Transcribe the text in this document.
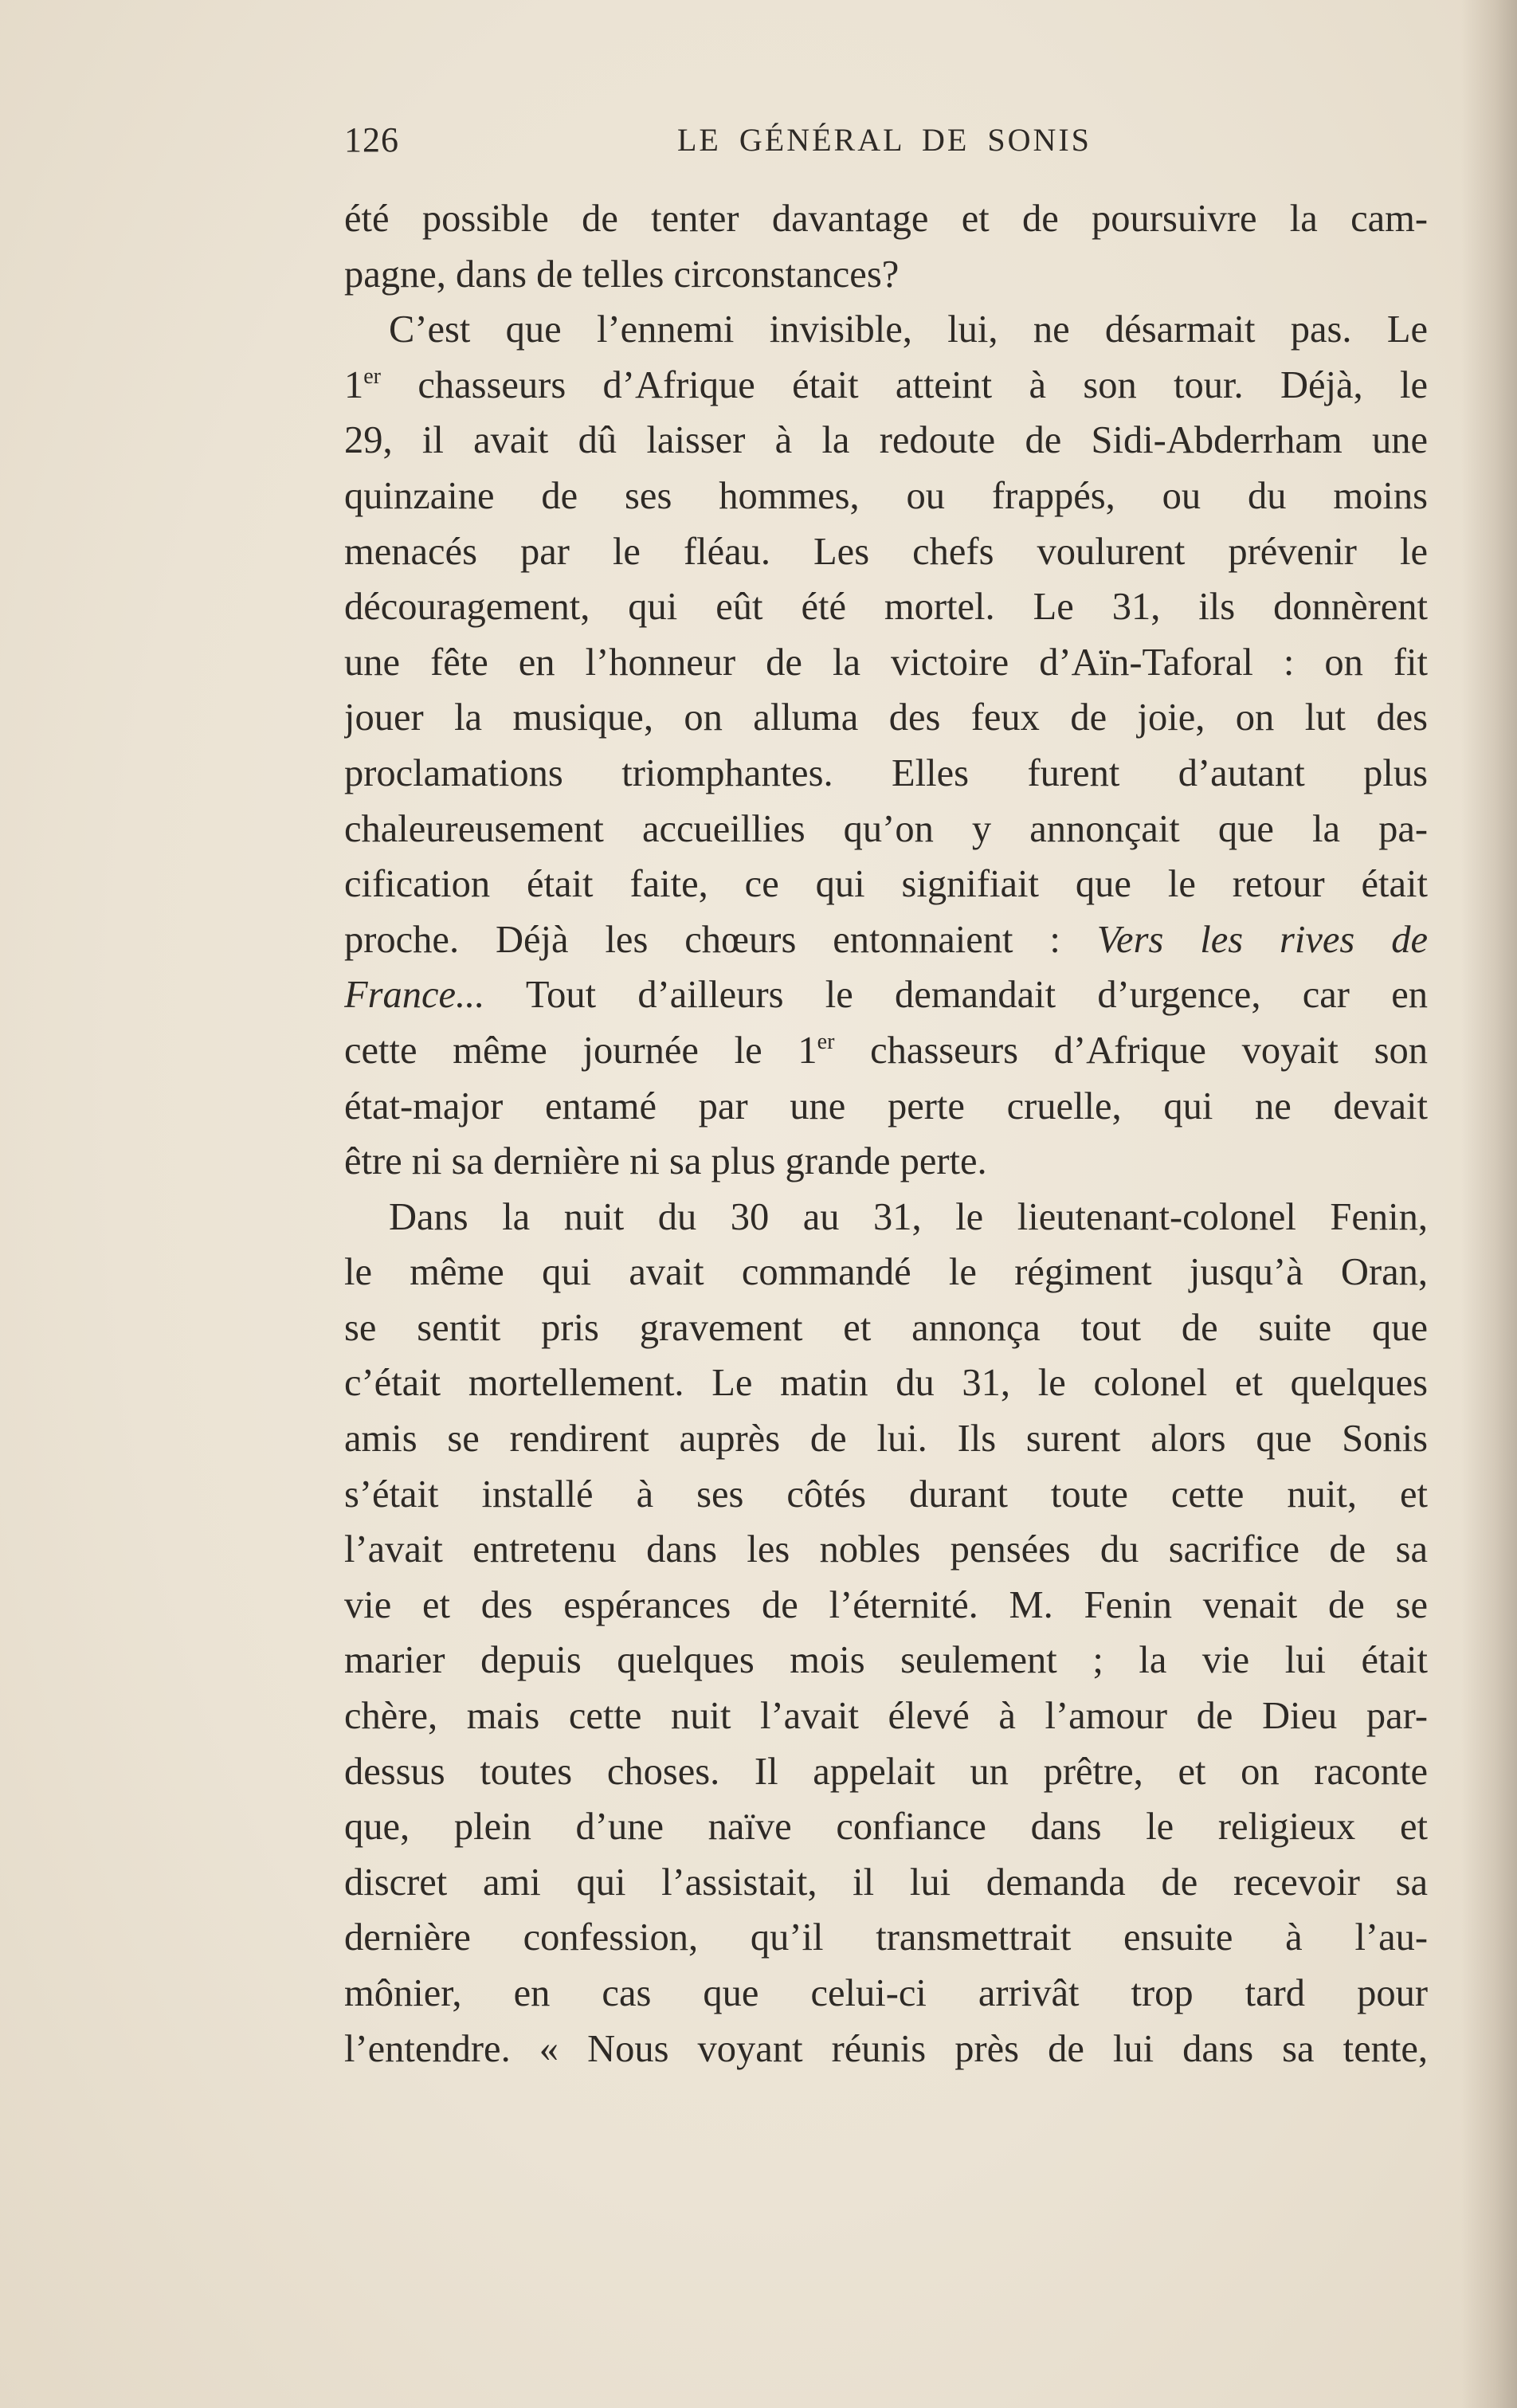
126	LE GÉNÉRAL DE SONIS
été possible de tenter davantage et de poursuivre la cam-
pagne, dans de telles circonstances?
C’est que l’ennemi invisible, lui, ne désarmait pas. Le
1er chasseurs d’Afrique était atteint à son tour. Déjà, le
29, il avait dû laisser à la redoute de Sidi-Abderrham une
quinzaine de ses hommes, ou frappés, ou du moins
menacés par le fléau. Les chefs voulurent prévenir le
découragement, qui eût été mortel. Le 31, ils donnèrent
une fête en l’honneur de la victoire d’Aïn-Taforal : on fit
jouer la musique, on alluma des feux de joie, on lut des
proclamations triomphantes. Elles furent d’autant plus
chaleureusement accueillies qu’on y annonçait que la pa-
cification était faite, ce qui signifiait que le retour était
proche. Déjà les chœurs entonnaient : Vers les rives de
France... Tout d’ailleurs le demandait d’urgence, car en
cette même journée le 1er chasseurs d’Afrique voyait son
état-major entamé par une perte cruelle, qui ne devait
être ni sa dernière ni sa plus grande perte.
Dans la nuit du 30 au 31, le lieutenant-colonel Fenin,
le même qui avait commandé le régiment jusqu’à Oran,
se sentit pris gravement et annonça tout de suite que
c’était mortellement. Le matin du 31, le colonel et quelques
amis se rendirent auprès de lui. Ils surent alors que Sonis
s’était installé à ses côtés durant toute cette nuit, et
l’avait entretenu dans les nobles pensées du sacrifice de sa
vie et des espérances de l’éternité. M. Fenin venait de se
marier depuis quelques mois seulement ; la vie lui était
chère, mais cette nuit l’avait élevé à l’amour de Dieu par-
dessus toutes choses. Il appelait un prêtre, et on raconte
que, plein d’une naïve confiance dans le religieux et
discret ami qui l’assistait, il lui demanda de recevoir sa
dernière confession, qu’il transmettrait ensuite à l’au-
mônier, en cas que celui-ci arrivât trop tard pour
l’entendre. « Nous voyant réunis près de lui dans sa tente,
